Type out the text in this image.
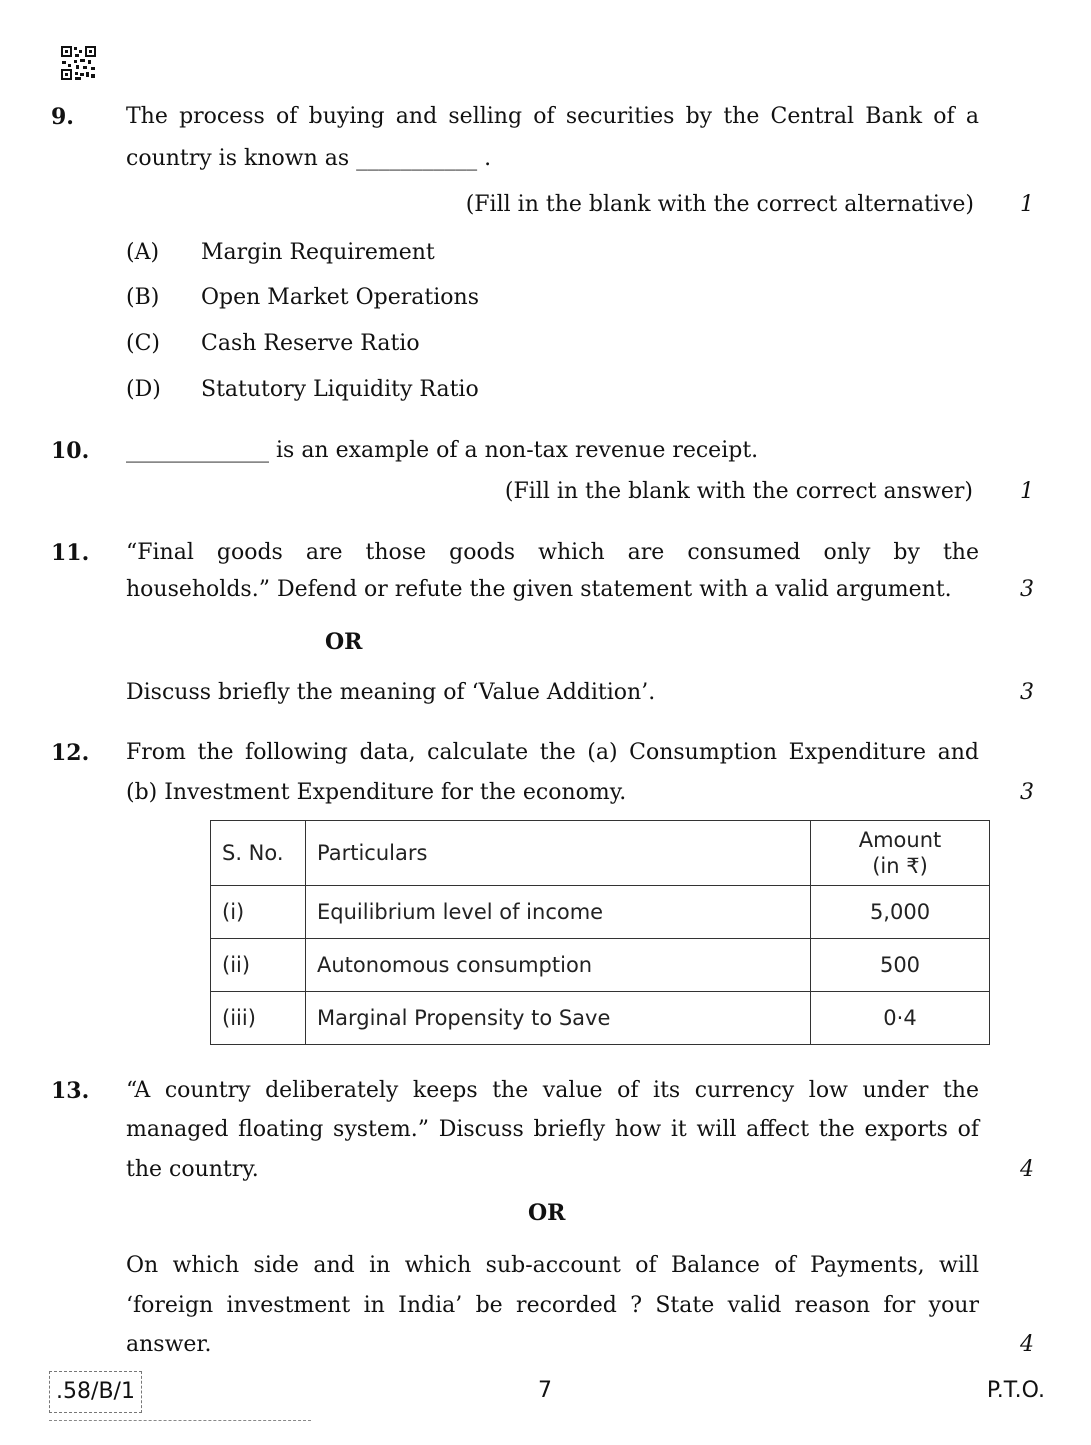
9. The process of buying and selling of securities by the Central Bank of a
country is known as ___________ .
(Fill in the blank with the correct alternative) 1
(A) Margin Requirement
(B) Open Market Operations
(C) Cash Reserve Ratio
(D) Statutory Liquidity Ratio
10. _____________ is an example of a non-tax revenue receipt.
(Fill in the blank with the correct answer) 1
11. “Final goods are those goods which are consumed only by the
households.” Defend or refute the given statement with a valid argument.	3
OR
Discuss briefly the meaning of ‘Value Addition’.	3
12. From the following data, calculate the (a) Consumption Expenditure and
(b) Investment Expenditure for the economy.	3
S. No.	Particulars	Amount
(in ₹)

(i)	Equilibrium level of income	5,000
(ii)	Autonomous consumption	500
(iii)	Marginal Propensity to Save	0·4
13. “A country deliberately keeps the value of its currency low under the
managed floating system.” Discuss briefly how it will affect the exports of
the country.	4
OR
On which side and in which sub-account of Balance of Payments, will
‘foreign investment in India’ be recorded ? State valid reason for your
answer.	4
.58/B/1	7	P.T.O.
